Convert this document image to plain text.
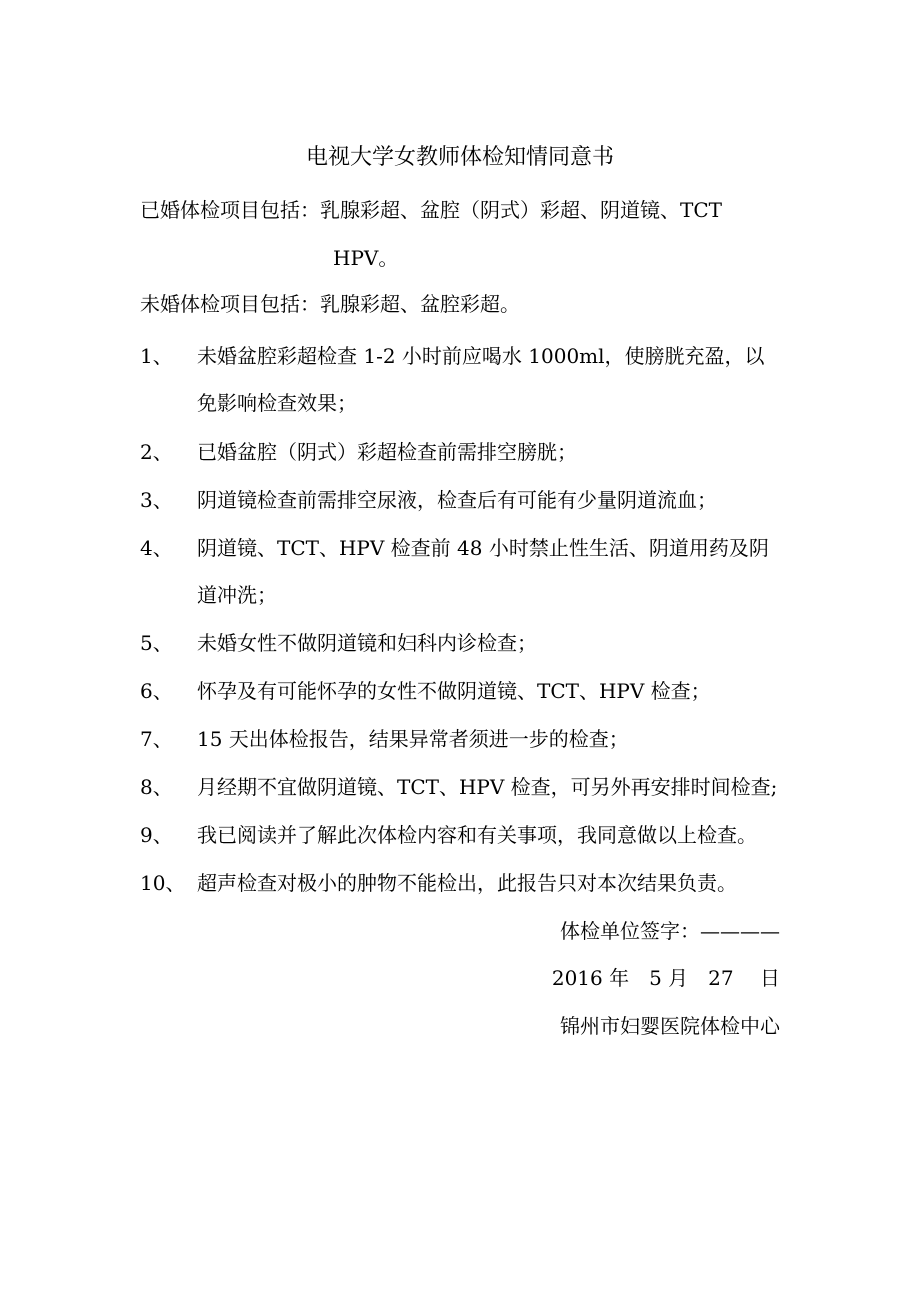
电视大学女教师体检知情同意书
已婚体检项目包括：乳腺彩超、盆腔（阴式）彩超、阴道镜、TCT
HPV。
未婚体检项目包括：乳腺彩超、盆腔彩超。
1、 未婚盆腔彩超检查 1-2 小时前应喝水 1000ml，使膀胱充盈，以
免影响检查效果；
2、 已婚盆腔（阴式）彩超检查前需排空膀胱；
3、 阴道镜检查前需排空尿液，检查后有可能有少量阴道流血；
4、 阴道镜、TCT、HPV 检查前 48 小时禁止性生活、阴道用药及阴
道冲洗；
5、 未婚女性不做阴道镜和妇科内诊检查；
6、 怀孕及有可能怀孕的女性不做阴道镜、TCT、HPV 检查；
7、 15 天出体检报告，结果异常者须进一步的检查；
8、 月经期不宜做阴道镜、TCT、HPV 检查，可另外再安排时间检查;
9、 我已阅读并了解此次体检内容和有关事项，我同意做以上检查。
10、 超声检查对极小的肿物不能检出，此报告只对本次结果负责。
体检单位签字：————
2016 年　5 月　27　 日
锦州市妇婴医院体检中心
